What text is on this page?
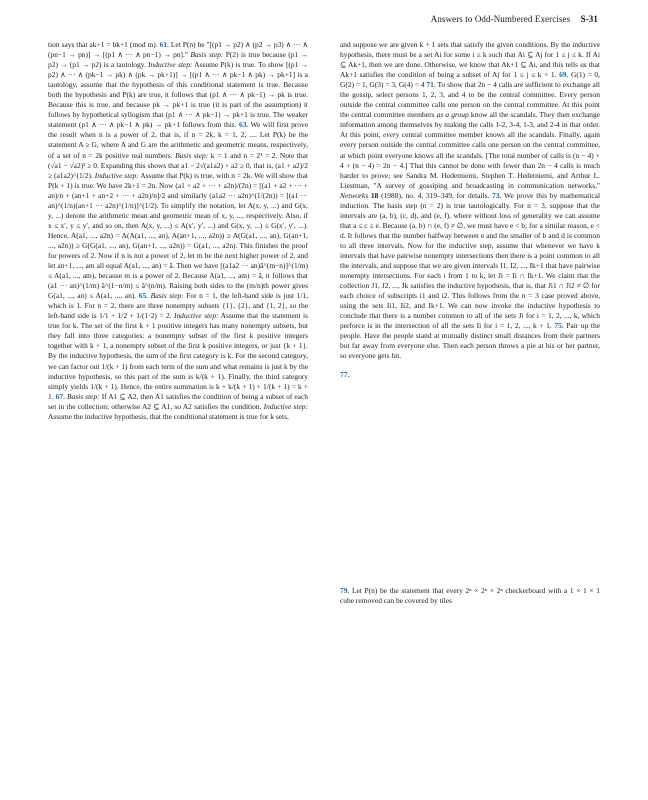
Answers to Odd-Numbered Exercises S-31

tion says that ak+1 = bk+1 (mod m). 61. Let P(n) be "[(p1 → p2) ∧ (p2 → p3) ∧ ··· ∧ (pn−1 → pn)] → [(p1 ∧ ··· ∧ pn−1) → pn]." Basis step: P(2) is true because (p1 → p2) → (p1 → p2) is a tautology. Inductive step: Assume P(k) is true. To show [(p1 → p2) ∧ ··· ∧ (pk−1 → pk) ∧ (pk → pk+1)] → [(p1 ∧ ··· ∧ pk−1 ∧ pk) → pk+1] is a tautology, assume that the hypothesis of this conditional statement is true. Because both the hypothesis and P(k) are true, it follows that (p1 ∧ ··· ∧ pk−1) → pk is true. Because this is true, and because pk → pk+1 is true (it is part of the assumption) it follows by hypothetical syllogism that (p1 ∧ ··· ∧ pk−1) → pk+1 is true. The weaker statement (p1 ∧ ··· ∧ pk−1 ∧ pk) → pk+1 follows from this. 63. We will first prove the result when n is a power of 2, that is, if n = 2k, k = 1, 2, .... Let P(k) be the statement A ≥ G, where A and G are the arithmetic and geometric means, respectively, of a set of n = 2k positive real numbers. Basis step: k = 1 and n = 2¹ = 2. Note that (√a1 − √a2)² ≥ 0. Expanding this shows that a1 − 2√(a1a2) + a2 ≥ 0, that is, (a1 + a2)/2 ≥ (a1a2)^(1/2). Inductive step: Assume that P(k) is true, with n = 2k. We will show that P(k + 1) is true. We have 2k+1 = 2n. Now (a1 + a2 + ··· + a2n)/(2n) = [(a1 + a2 + ··· + an)/n + (an+1 + an+2 + ··· + a2n)/n]/2 and similarly (a1a2 ··· a2n)^(1/(2n)) = [(a1 ··· an)^(1/n)(an+1 ··· a2n)^(1/n)]^(1/2). To simplify the notation, let A(x, y, ...) and G(x, y, ...) denote the arithmetic mean and geometric mean of x, y, ..., respectively. Also, if x ≤ x′, y ≤ y′, and so on, then A(x, y, ...) ≤ A(x′, y′, ...) and G(x, y, ...) ≤ G(x′, y′, ...). Hence, A(a1, ..., a2n) = A(A(a1, ..., an), A(an+1, ..., a2n)) ≥ A(G(a1, ..., an), G(an+1, ..., a2n)) ≥ G(G(a1, ..., an), G(an+1, ..., a2n)) = G(a1, ..., a2n). This finishes the proof for powers of 2. Now if n is not a power of 2, let m be the next higher power of 2, and let an+1, ..., am all equal A(a1, ..., an) = ā. Then we have [(a1a2 ··· an)ā^(m−n)]^(1/m) ≤ A(a1, ..., am), because m is a power of 2. Because A(a1, ..., am) = ā, it follows that (a1 ··· an)^(1/m) ā^(1−n/m) ≤ ā^(n/m). Raising both sides to the (m/n)th power gives G(a1, ..., an) ≤ A(a1, ..., an). 65. Basis step: For n = 1, the left-hand side is just 1/1, which is 1. For n = 2, there are three nonempty subsets {1}, {2}, and {1, 2}, so the left-hand side is 1/1 + 1/2 + 1/(1·2) = 2. Inductive step: Assume that the statement is true for k. The set of the first k + 1 positive integers has many nonempty subsets, but they fall into three categories: a nonempty subset of the first k positive integers together with k + 1, a nonempty subset of the first k positive integers, or just {k + 1}. By the inductive hypothesis, the sum of the first category is k. For the second category, we can factor out 1/(k + 1) from each term of the sum and what remains is just k by the inductive hypothesis, so this part of the sum is k/(k + 1). Finally, the third category simply yields 1/(k + 1). Hence, the entire summation is k + k/(k + 1) + 1/(k + 1) = k + 1. 67. Basis step: If A1 ⊆ A2, then A1 satisfies the condition of being a subset of each set in the collection; otherwise A2 ⊆ A1, so A2 satisfies the condition. Inductive step: Assume the inductive hypothesis, that the conditional statement is true for k sets,

and suppose we are given k + 1 sets that satisfy the given conditions. By the inductive hypothesis, there must be a set Ai for some i ≤ k such that Ai ⊆ Aj for 1 ≤ j ≤ k. If Ai ⊆ Ak+1, then we are done. Otherwise, we know that Ak+1 ⊆ Ai, and this tells us that Ak+1 satisfies the condition of being a subset of Aj for 1 ≤ j ≤ k + 1. 69. G(1) = 0, G(2) = 1, G(3) = 3, G(4) = 4 71. To show that 2n − 4 calls are sufficient to exchange all the gossip, select persons 1, 2, 3, and 4 to be the central committee. Every person outside the central committee calls one person on the central committee. At this point the central committee members as a group know all the scandals. They then exchange information among themselves by making the calls 1-2, 3-4, 1-3, and 2-4 in that order. At this point, every central committee member knows all the scandals. Finally, again every person outside the central committee calls one person on the central committee, at which point everyone knows all the scandals. [The total number of calls is (n − 4) + 4 + (n − 4) = 2n − 4.] That this cannot be done with fewer than 2n − 4 calls is much harder to prove; see Sandra M. Hedetniemi, Stephen T. Hedetniemi, and Arthur L. Liestman, "A survey of gossiping and broadcasting in communication networks," Networks 18 (1988), no. 4, 319–349, for details. 73. We prove this by mathematical induction. The basis step (n = 2) is true tautologically. For n = 3, suppose that the intervals are (a, b), (c, d), and (e, f), where without loss of generality we can assume that a ≤ c ≤ e. Because (a, b) ∩ (e, f) ≠ ∅, we must have e < b; for a similar reason, e < d. It follows that the number halfway between e and the smaller of b and d is common to all three intervals. Now for the inductive step, assume that whenever we have k intervals that have pairwise nonempty intersections then there is a point common to all the intervals, and suppose that we are given intervals I1, I2, ..., Ik+1 that have pairwise nonempty intersections. For each i from 1 to k, let Ji = Ii ∩ Ik+1. We claim that the collection J1, J2, ..., Jk satisfies the inductive hypothesis, that is, that Ji1 ∩ Ji2 ≠ ∅ for each choice of subscripts i1 and i2. This follows from the n = 3 case proved above, using the sets Ii1, Ii2, and Ik+1. We can now invoke the inductive hypothesis to conclude that there is a number common to all of the sets Ji for i = 1, 2, ..., k, which perforce is in the intersection of all the sets Ii for i = 1, 2, ..., k + 1. 75. Pair up the people. Have the people stand at mutually distinct small distances from their partners but far away from everyone else. Then each person throws a pie at his or her partner, so everyone gets hit.

77.

79. Let P(n) be the statement that every 2ⁿ × 2ⁿ × 2ⁿ checkerboard with a 1 × 1 × 1 cube removed can be covered by tiles
